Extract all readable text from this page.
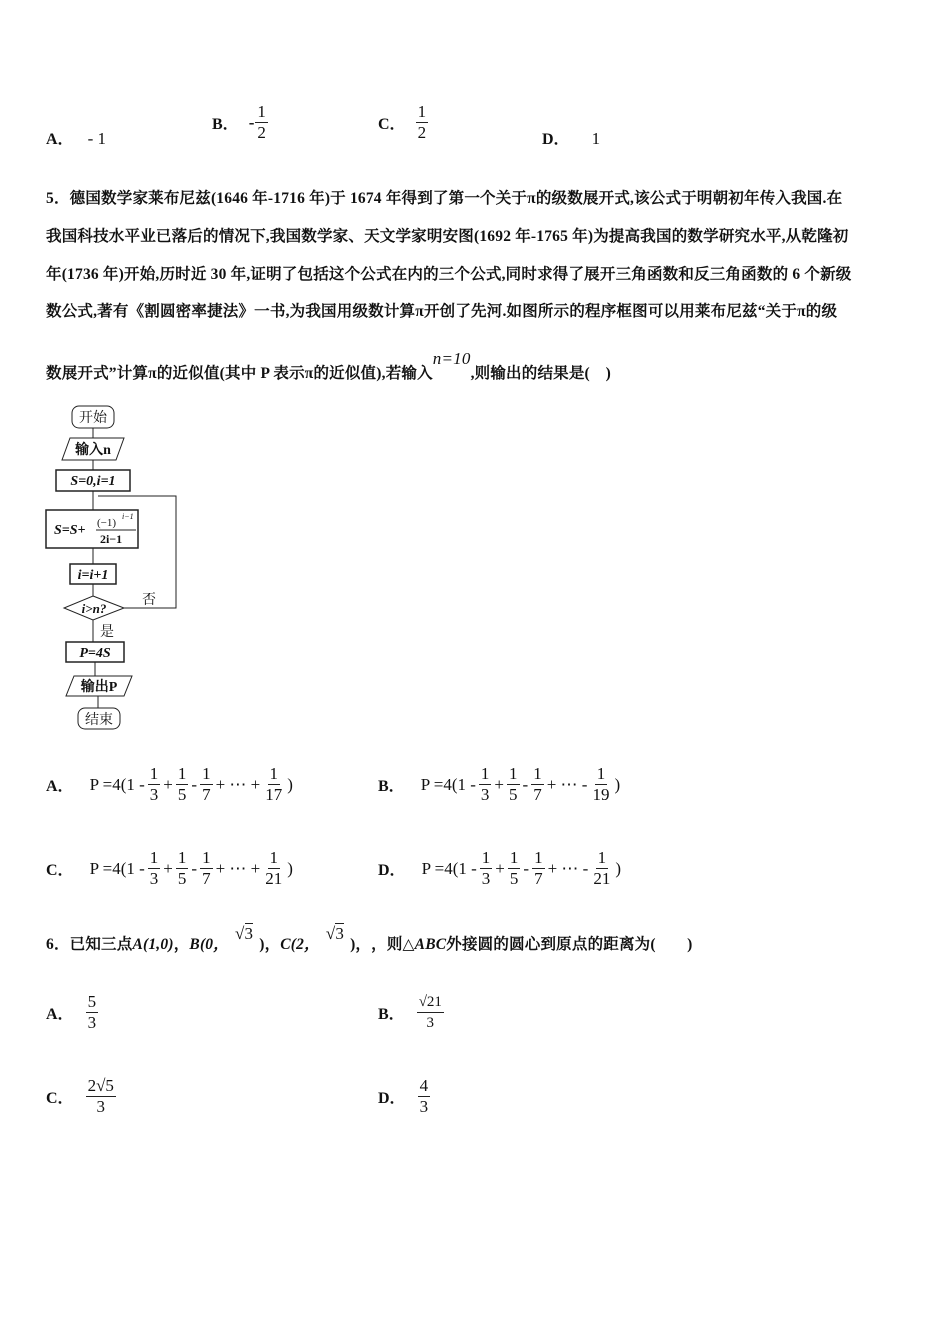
A． - 1
B． - $\frac{1}{2}$	C． $\frac{1}{2}$	D． 1
5．德国数学家莱布尼兹(1646 年-1716 年)于 1674 年得到了第一个关于π的级数展开式,该公式于明朝初年传入我国.在
我国科技水平业已落后的情况下,我国数学家、天文学家明安图(1692 年-1765 年)为提高我国的数学研究水平,从乾隆初
年(1736 年)开始,历时近 30 年,证明了包括这个公式在内的三个公式,同时求得了展开三角函数和反三角函数的 6 个新级
数公式,著有《割圆密率捷法》一书,为我国用级数计算π开创了先河.如图所示的程序框图可以用莱布尼兹“关于π的级
数展开式”计算π的近似值(其中 P 表示π的近似值),若输入n=10,则输出的结果是(　)
开始
输入n
S=0,i=1
S=S+ (−1)
i−1
2i−1
i=i+1
i>n?
否
是
P=4S
输出P
结束
A． $P =4(1 - \frac{1}{3} + \frac{1}{5} - \frac{1}{7}$ + ⋯ + $\frac{1}{17}$ )	B． $P =4(1 - \frac{1}{3} + \frac{1}{5} - \frac{1}{7}$ + ⋯ - $\frac{1}{19}$ )
C． $P =4(1 - \frac{1}{3} + \frac{1}{5} - \frac{1}{7}$ + ⋯ + $\frac{1}{21}$ )	D． $P =4(1 - \frac{1}{3} + \frac{1}{5} - \frac{1}{7}$ + ⋯ - $\frac{1}{21}$ )
6．已知三点 A(1,0) ， B(0，
√3
)， C(2，
√3
)， ，则△ ABC 外接圆的圆心到原点的距离为(　　)
A． $\frac{5}{3}$	B． $\frac{√21}{3}$
C． $\frac{2√5}{3}$	D． $\frac{4}{3}$
